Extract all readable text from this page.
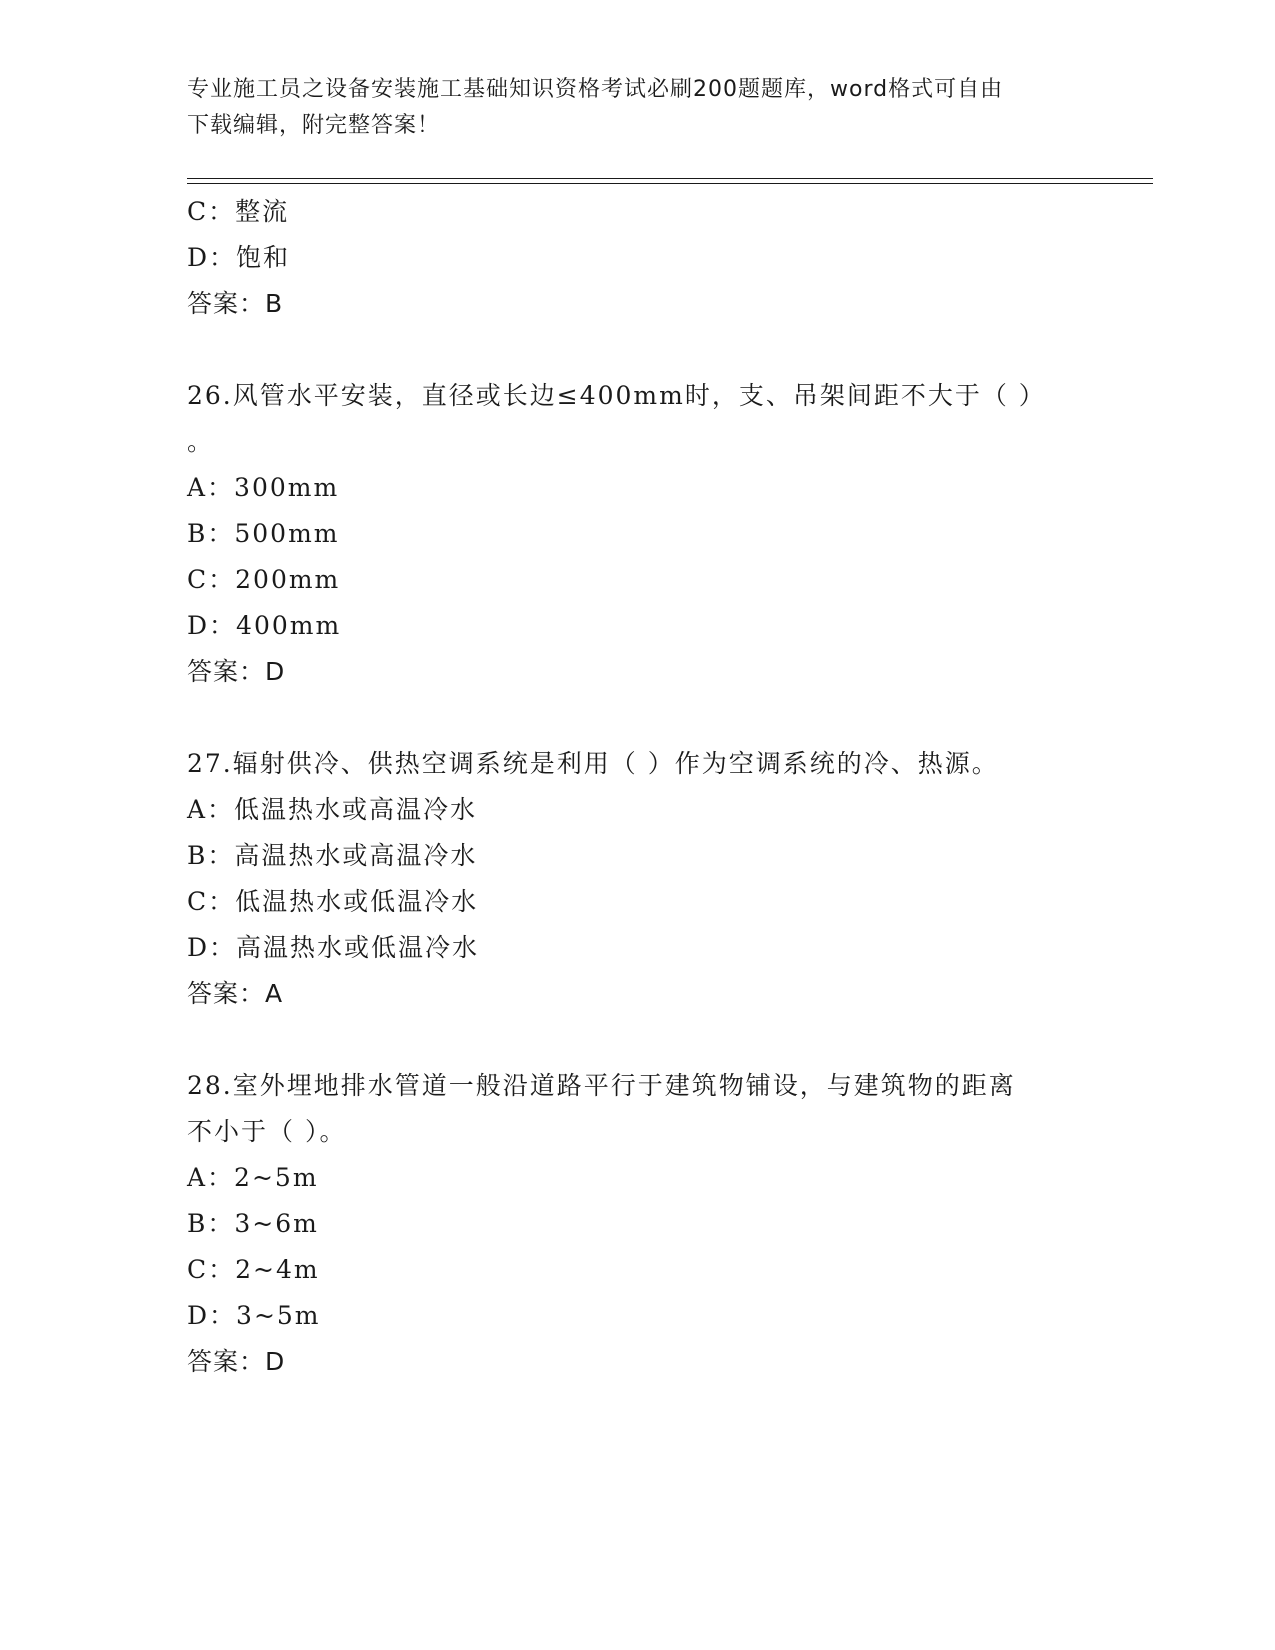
专业施工员之设备安装施工基础知识资格考试必刷200题题库，word格式可自由
下载编辑，附完整答案！
C：整流
D：饱和
答案：B
26.风管水平安装，直径或长边≤400mm时，支、吊架间距不大于（ ）
。
A：300mm
B：500mm
C：200mm
D：400mm
答案：D
27.辐射供冷、供热空调系统是利用（ ）作为空调系统的冷、热源。
A：低温热水或高温冷水
B：高温热水或高温冷水
C：低温热水或低温冷水
D：高温热水或低温冷水
答案：A
28.室外埋地排水管道一般沿道路平行于建筑物铺设，与建筑物的距离
不小于（ ）。
A：2~5m
B：3~6m
C：2~4m
D：3~5m
答案：D
